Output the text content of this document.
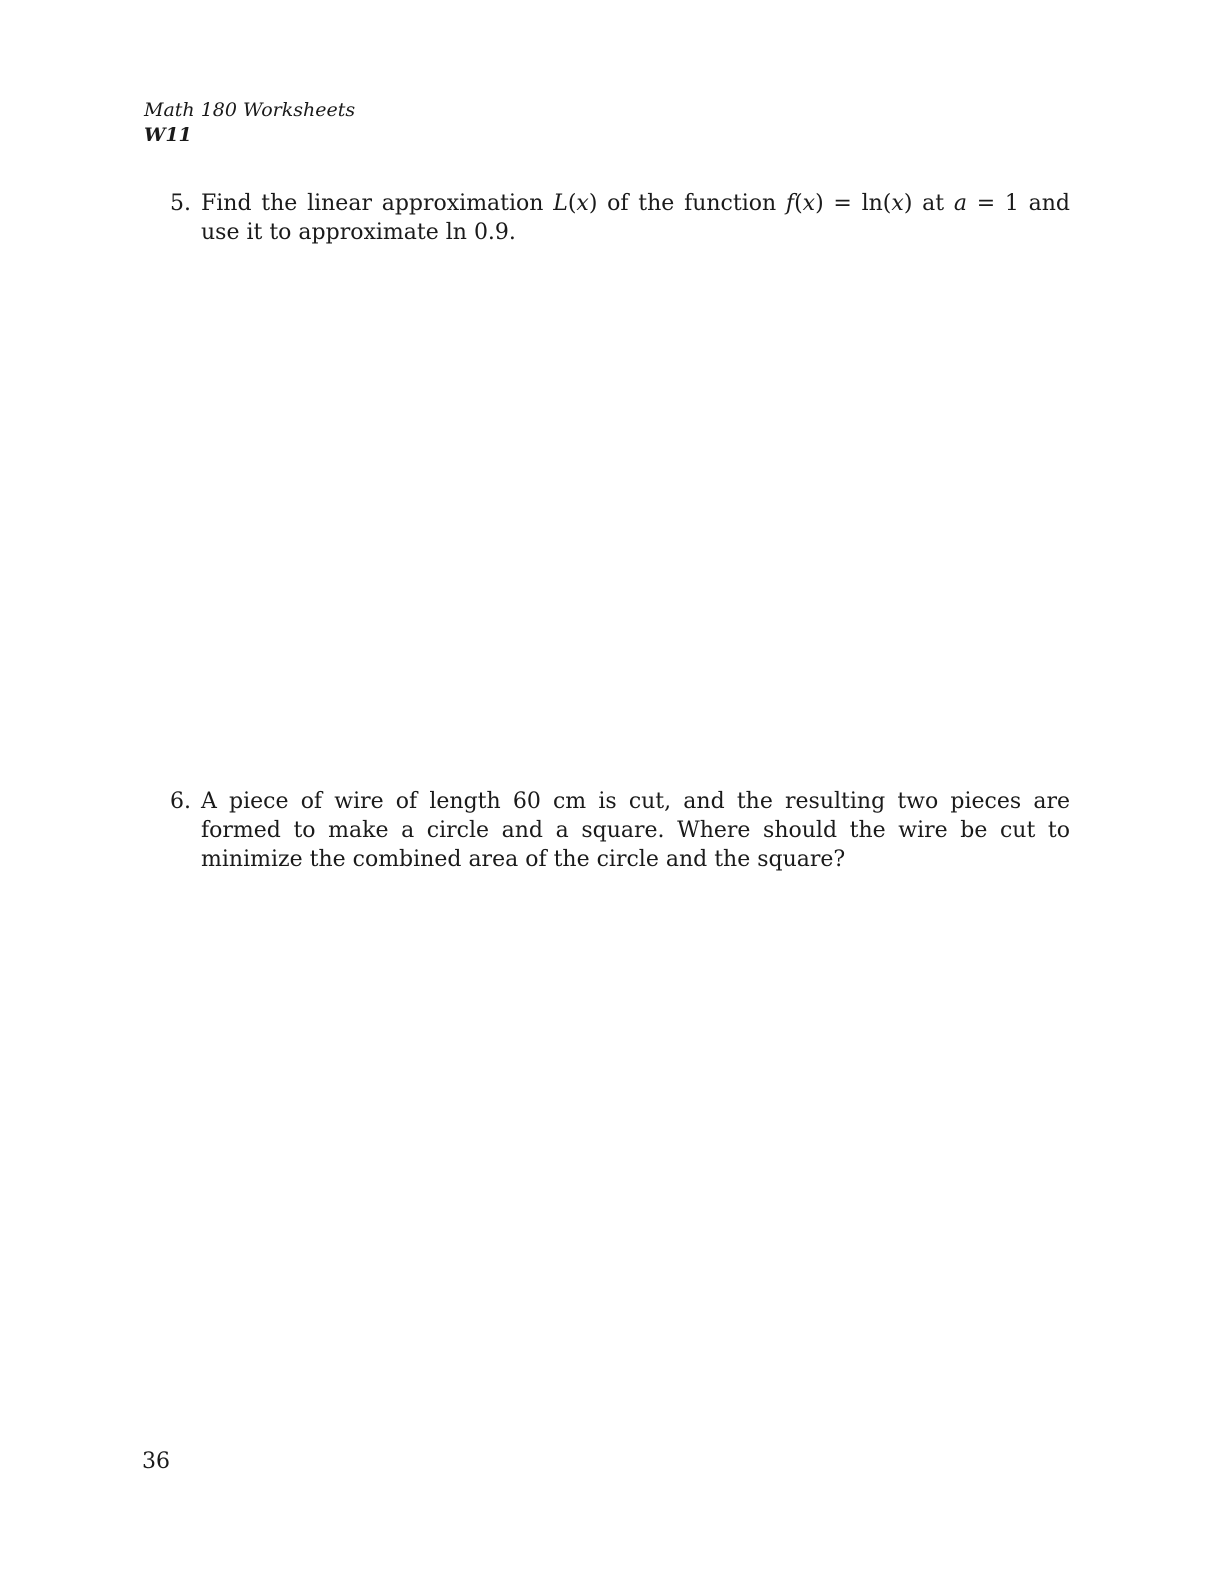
Math 180 Worksheets
W11
5. Find the linear approximation L(x) of the function f(x) = ln(x) at a = 1 and use it to approximate ln 0.9.
6. A piece of wire of length 60 cm is cut, and the resulting two pieces are formed to make a circle and a square. Where should the wire be cut to minimize the combined area of the circle and the square?
36
